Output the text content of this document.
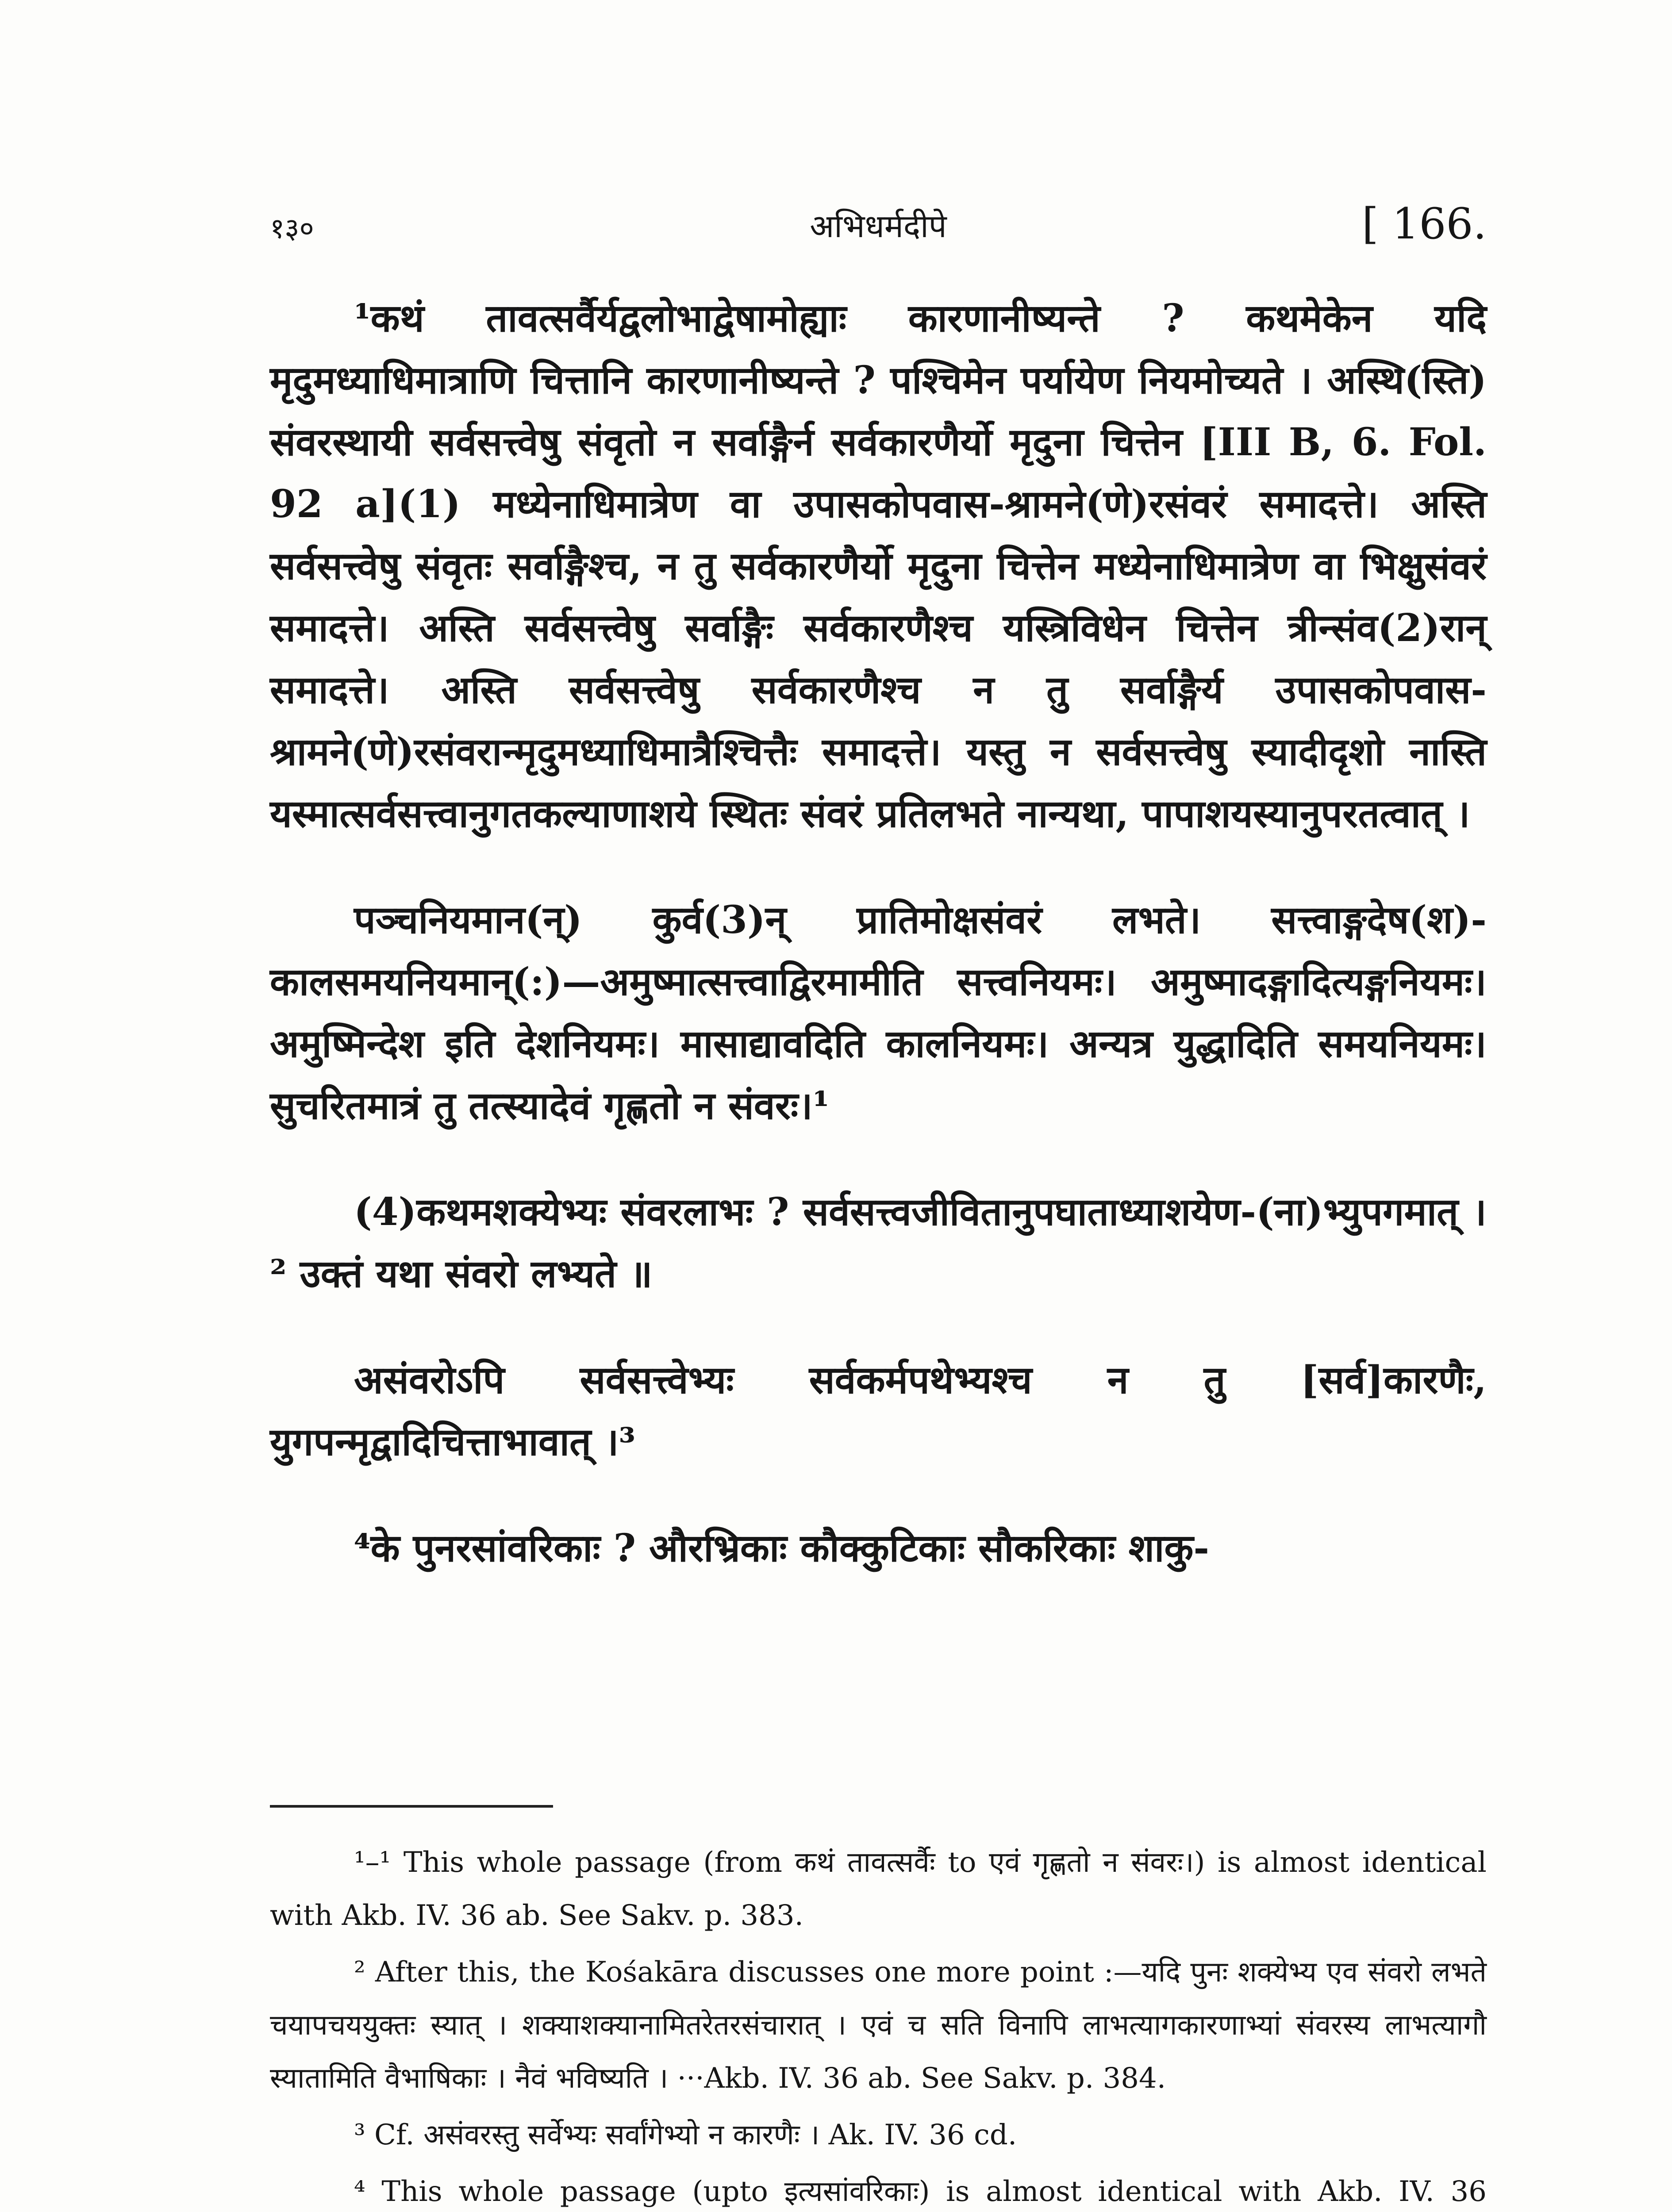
१३०	अभिधर्मदीपे	[ 166.

¹कथं तावत्सर्वैर्यद्वलोभाद्वेषामोह्याः कारणानीष्यन्ते ? कथमेकेन यदि मृदुमध्याधिमात्राणि चित्तानि कारणानीष्यन्ते ? पश्चिमेन पर्यायेण नियमोच्यते । अस्थि(स्ति) संवरस्थायी सर्वसत्त्वेषु संवृतो न सर्वाङ्गैर्न सर्वकारणैर्यो मृदुना चित्तेन [III B, 6. Fol. 92 a](1) मध्येनाधिमात्रेण वा उपासकोपवास-श्रामने(णे)रसंवरं समादत्ते। अस्ति सर्वसत्त्वेषु संवृतः सर्वाङ्गैश्च, न तु सर्वकारणैर्यो मृदुना चित्तेन मध्येनाधिमात्रेण वा भिक्षुसंवरं समादत्ते। अस्ति सर्वसत्त्वेषु सर्वाङ्गैः सर्वकारणैश्च यस्त्रिविधेन चित्तेन त्रीन्संव(2)रान् समादत्ते। अस्ति सर्वसत्त्वेषु सर्वकारणैश्च न तु सर्वाङ्गैर्य उपासकोपवास-श्रामने(णे)रसंवरान्मृदुमध्याधिमात्रैश्चित्तैः समादत्ते। यस्तु न सर्वसत्त्वेषु स्यादीदृशो नास्ति यस्मात्सर्वसत्त्वानुगतकल्याणाशये स्थितः संवरं प्रतिलभते नान्यथा, पापाशयस्यानुपरतत्वात् ।

पञ्चनियमान(न्) कुर्व(3)न् प्रातिमोक्षसंवरं लभते। सत्त्वाङ्गदेष(श)-कालसमयनियमान्(:)—अमुष्मात्सत्त्वाद्विरमामीति सत्त्वनियमः। अमुष्मादङ्गादित्यङ्गनियमः। अमुष्मिन्देश इति देशनियमः। मासाद्यावदिति कालनियमः। अन्यत्र युद्धादिति समयनियमः। सुचरितमात्रं तु तत्स्यादेवं गृह्णतो न संवरः।¹

(4)कथमशक्येभ्यः संवरलाभः ? सर्वसत्त्वजीवितानुपघाताध्याशयेण-(ना)भ्युपगमात् ।² उक्तं यथा संवरो लभ्यते ॥

असंवरोऽपि सर्वसत्त्वेभ्यः सर्वकर्मपथेभ्यश्च न तु [सर्व]कारणैः, युगपन्मृद्वादिचित्ताभावात् ।³

⁴के पुनरसांवरिकाः ? औरभ्रिकाः कौक्कुटिकाः सौकरिकाः शाकु-

¹–¹ This whole passage (from कथं तावत्सर्वैः to एवं गृह्णतो न संवरः।) is almost identical with Akb. IV. 36 ab. See Sakv. p. 383.

² After this, the Kośakāra discusses one more point :—यदि पुनः शक्येभ्य एव संवरो लभते चयापचययुक्तः स्यात् । शक्याशक्यानामितरेतरसंचारात् । एवं च सति विनापि लाभत्यागकारणाभ्यां संवरस्य लाभत्यागौ स्यातामिति वैभाषिकाः । नैवं भविष्यति । ···Akb. IV. 36 ab. See Sakv. p. 384.

³ Cf. असंवरस्तु सर्वेभ्यः सर्वांगेभ्यो न कारणैः । Ak. IV. 36 cd.

⁴ This whole passage (upto इत्यसांवरिकाः) is almost identical with Akb. IV. 36
